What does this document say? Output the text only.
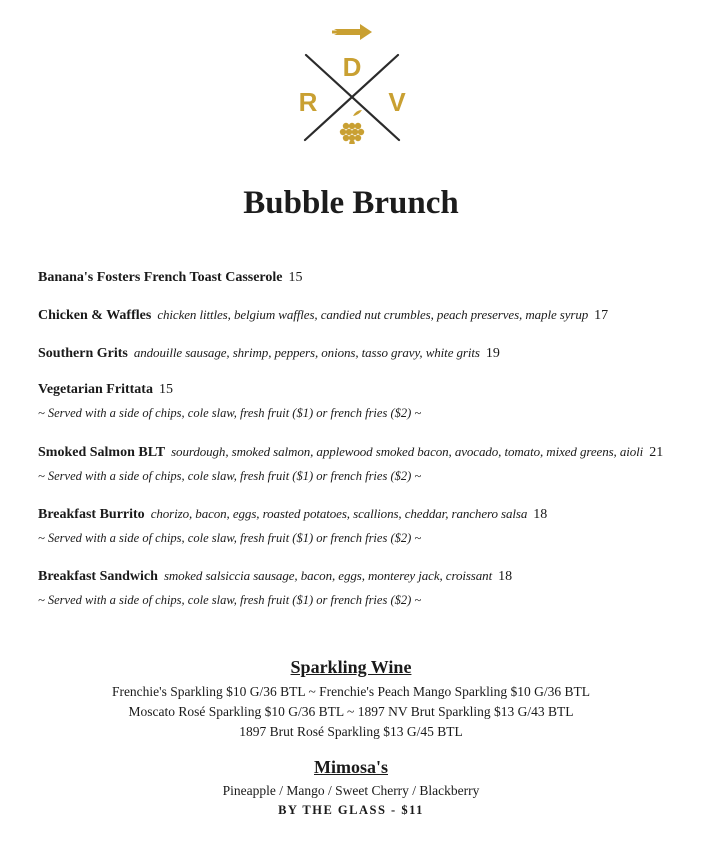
D
R	V
Bubble Brunch
Banana's Fosters French Toast Casserole 15
Chicken & Waffles chicken littles, belgium waffles, candied nut crumbles, peach preserves, maple syrup 17
Southern Grits andouille sausage, shrimp, peppers, onions, tasso gravy, white grits 19
Vegetarian Frittata 15
~ Served with a side of chips, cole slaw, fresh fruit ($1) or french fries ($2) ~
Smoked Salmon BLT sourdough, smoked salmon, applewood smoked bacon, avocado, tomato, mixed greens, aioli 21
~ Served with a side of chips, cole slaw, fresh fruit ($1) or french fries ($2) ~
Breakfast Burrito chorizo, bacon, eggs, roasted potatoes, scallions, cheddar, ranchero salsa 18
~ Served with a side of chips, cole slaw, fresh fruit ($1) or french fries ($2) ~
Breakfast Sandwich smoked salsiccia sausage, bacon, eggs, monterey jack, croissant 18
~ Served with a side of chips, cole slaw, fresh fruit ($1) or french fries ($2) ~
Sparkling Wine
Frenchie's Sparkling $10 G/36 BTL ~ Frenchie's Peach Mango Sparkling $10 G/36 BTL
Moscato Rosé Sparkling $10 G/36 BTL ~ 1897 NV Brut Sparkling $13 G/43 BTL
1897 Brut Rosé Sparkling $13 G/45 BTL
Mimosa's
Pineapple / Mango / Sweet Cherry / Blackberry
BY THE GLASS - $11
